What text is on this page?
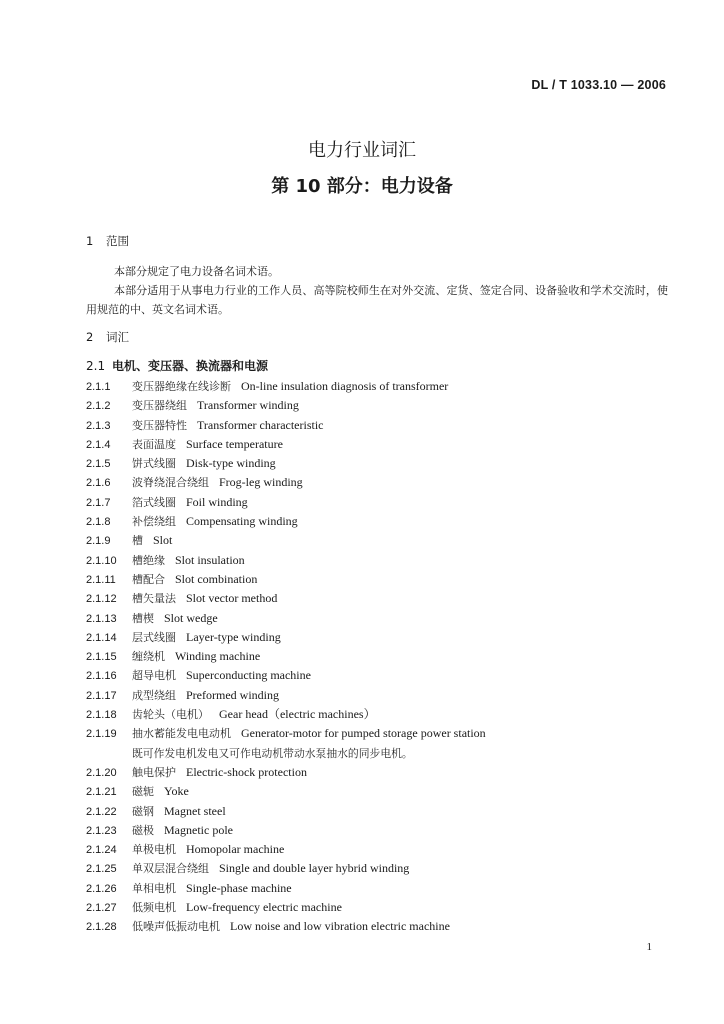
DL / T 1033.10 — 2006
电力行业词汇
第 10 部分：电力设备
1 范围
本部分规定了电力设备名词术语。
本部分适用于从事电力行业的工作人员、高等院校师生在对外交流、定货、签定合同、设备验收和学术交流时，使用规范的中、英文名词术语。
2 词汇
2.1 电机、变压器、换流器和电源
2.1.1 变压器绝缘在线诊断 On-line insulation diagnosis of transformer
2.1.2 变压器绕组 Transformer winding
2.1.3 变压器特性 Transformer characteristic
2.1.4 表面温度 Surface temperature
2.1.5 饼式线圈 Disk-type winding
2.1.6 波脊绕混合绕组 Frog-leg winding
2.1.7 箔式线圈 Foil winding
2.1.8 补偿绕组 Compensating winding
2.1.9 槽 Slot
2.1.10 槽绝缘 Slot insulation
2.1.11 槽配合 Slot combination
2.1.12 槽矢量法 Slot vector method
2.1.13 槽楔 Slot wedge
2.1.14 层式线圈 Layer-type winding
2.1.15 缠绕机 Winding machine
2.1.16 超导电机 Superconducting machine
2.1.17 成型绕组 Preformed winding
2.1.18 齿轮头（电机） Gear head（electric machines）
2.1.19 抽水蓄能发电电动机 Generator-motor for pumped storage power station
既可作发电机发电又可作电动机带动水泵抽水的同步电机。
2.1.20 触电保护 Electric-shock protection
2.1.21 磁轭 Yoke
2.1.22 磁钢 Magnet steel
2.1.23 磁极 Magnetic pole
2.1.24 单极电机 Homopolar machine
2.1.25 单双层混合绕组 Single and double layer hybrid winding
2.1.26 单相电机 Single-phase machine
2.1.27 低频电机 Low-frequency electric machine
2.1.28 低噪声低振动电机 Low noise and low vibration electric machine
1
